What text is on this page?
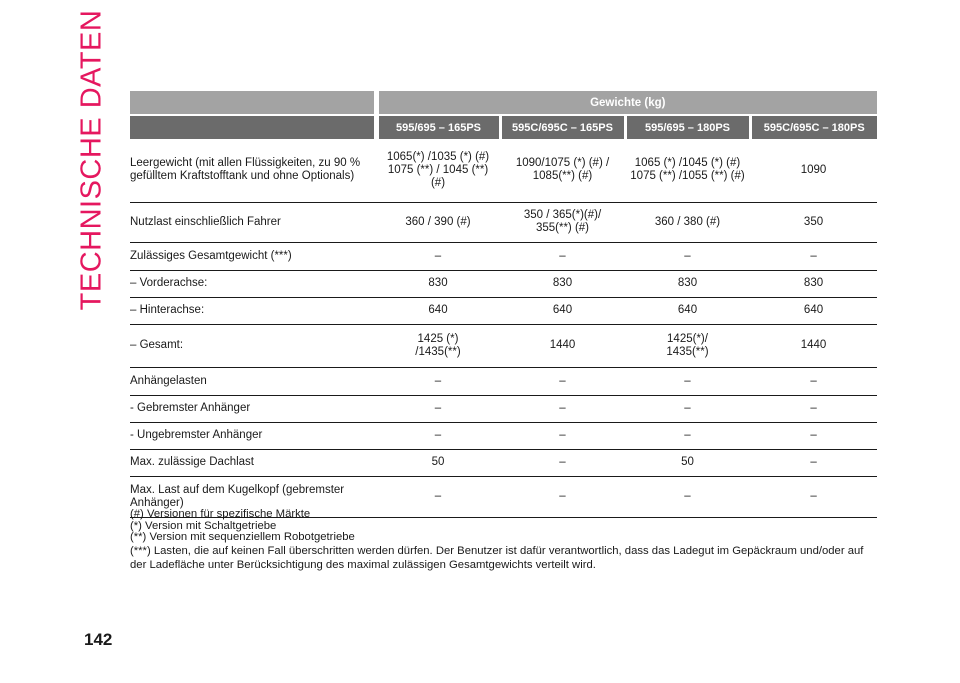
TECHNISCHE DATEN
		Gewichte (kg)			
	595/695 – 165PS	595C/695C – 165PS	595/695 – 180PS	595C/695C – 180PS
Leergewicht (mit allen Flüssigkeiten, zu 90 % gefülltem Kraftstofftank und ohne Optionals)	1065(*) /1035 (*) (#) 1075 (**) / 1045 (**) (#)	1090/1075 (*) (#) / 1085(**) (#)	1065 (*) /1045 (*) (#) 1075 (**) /1055 (**) (#)	1090
Nutzlast einschließlich Fahrer	360 / 390 (#)	350 / 365(*)(#)/ 355(**) (#)	360 / 380 (#)	350
Zulässiges Gesamtgewicht (***)	–	–	–	–
– Vorderachse:	830	830	830	830
– Hinterachse:	640	640	640	640
– Gesamt:	1425 (*) /1435(**)	1440	1425(*)/ 1435(**)	1440
Anhängelasten	–	–	–	–
- Gebremster Anhänger	–	–	–	–
- Ungebremster Anhänger	–	–	–	–
Max. zulässige Dachlast	50	–	50	–
Max. Last auf dem Kugelkopf (gebremster Anhänger)	–	–	–	–
(#) Versionen für spezifische Märkte
(*) Version mit Schaltgetriebe
(**) Version mit sequenziellem Robotgetriebe
(***) Lasten, die auf keinen Fall überschritten werden dürfen. Der Benutzer ist dafür verantwortlich, dass das Ladegut im Gepäckraum und/oder auf der Ladefläche unter Berücksichtigung des maximal zulässigen Gesamtgewichts verteilt wird.
142
